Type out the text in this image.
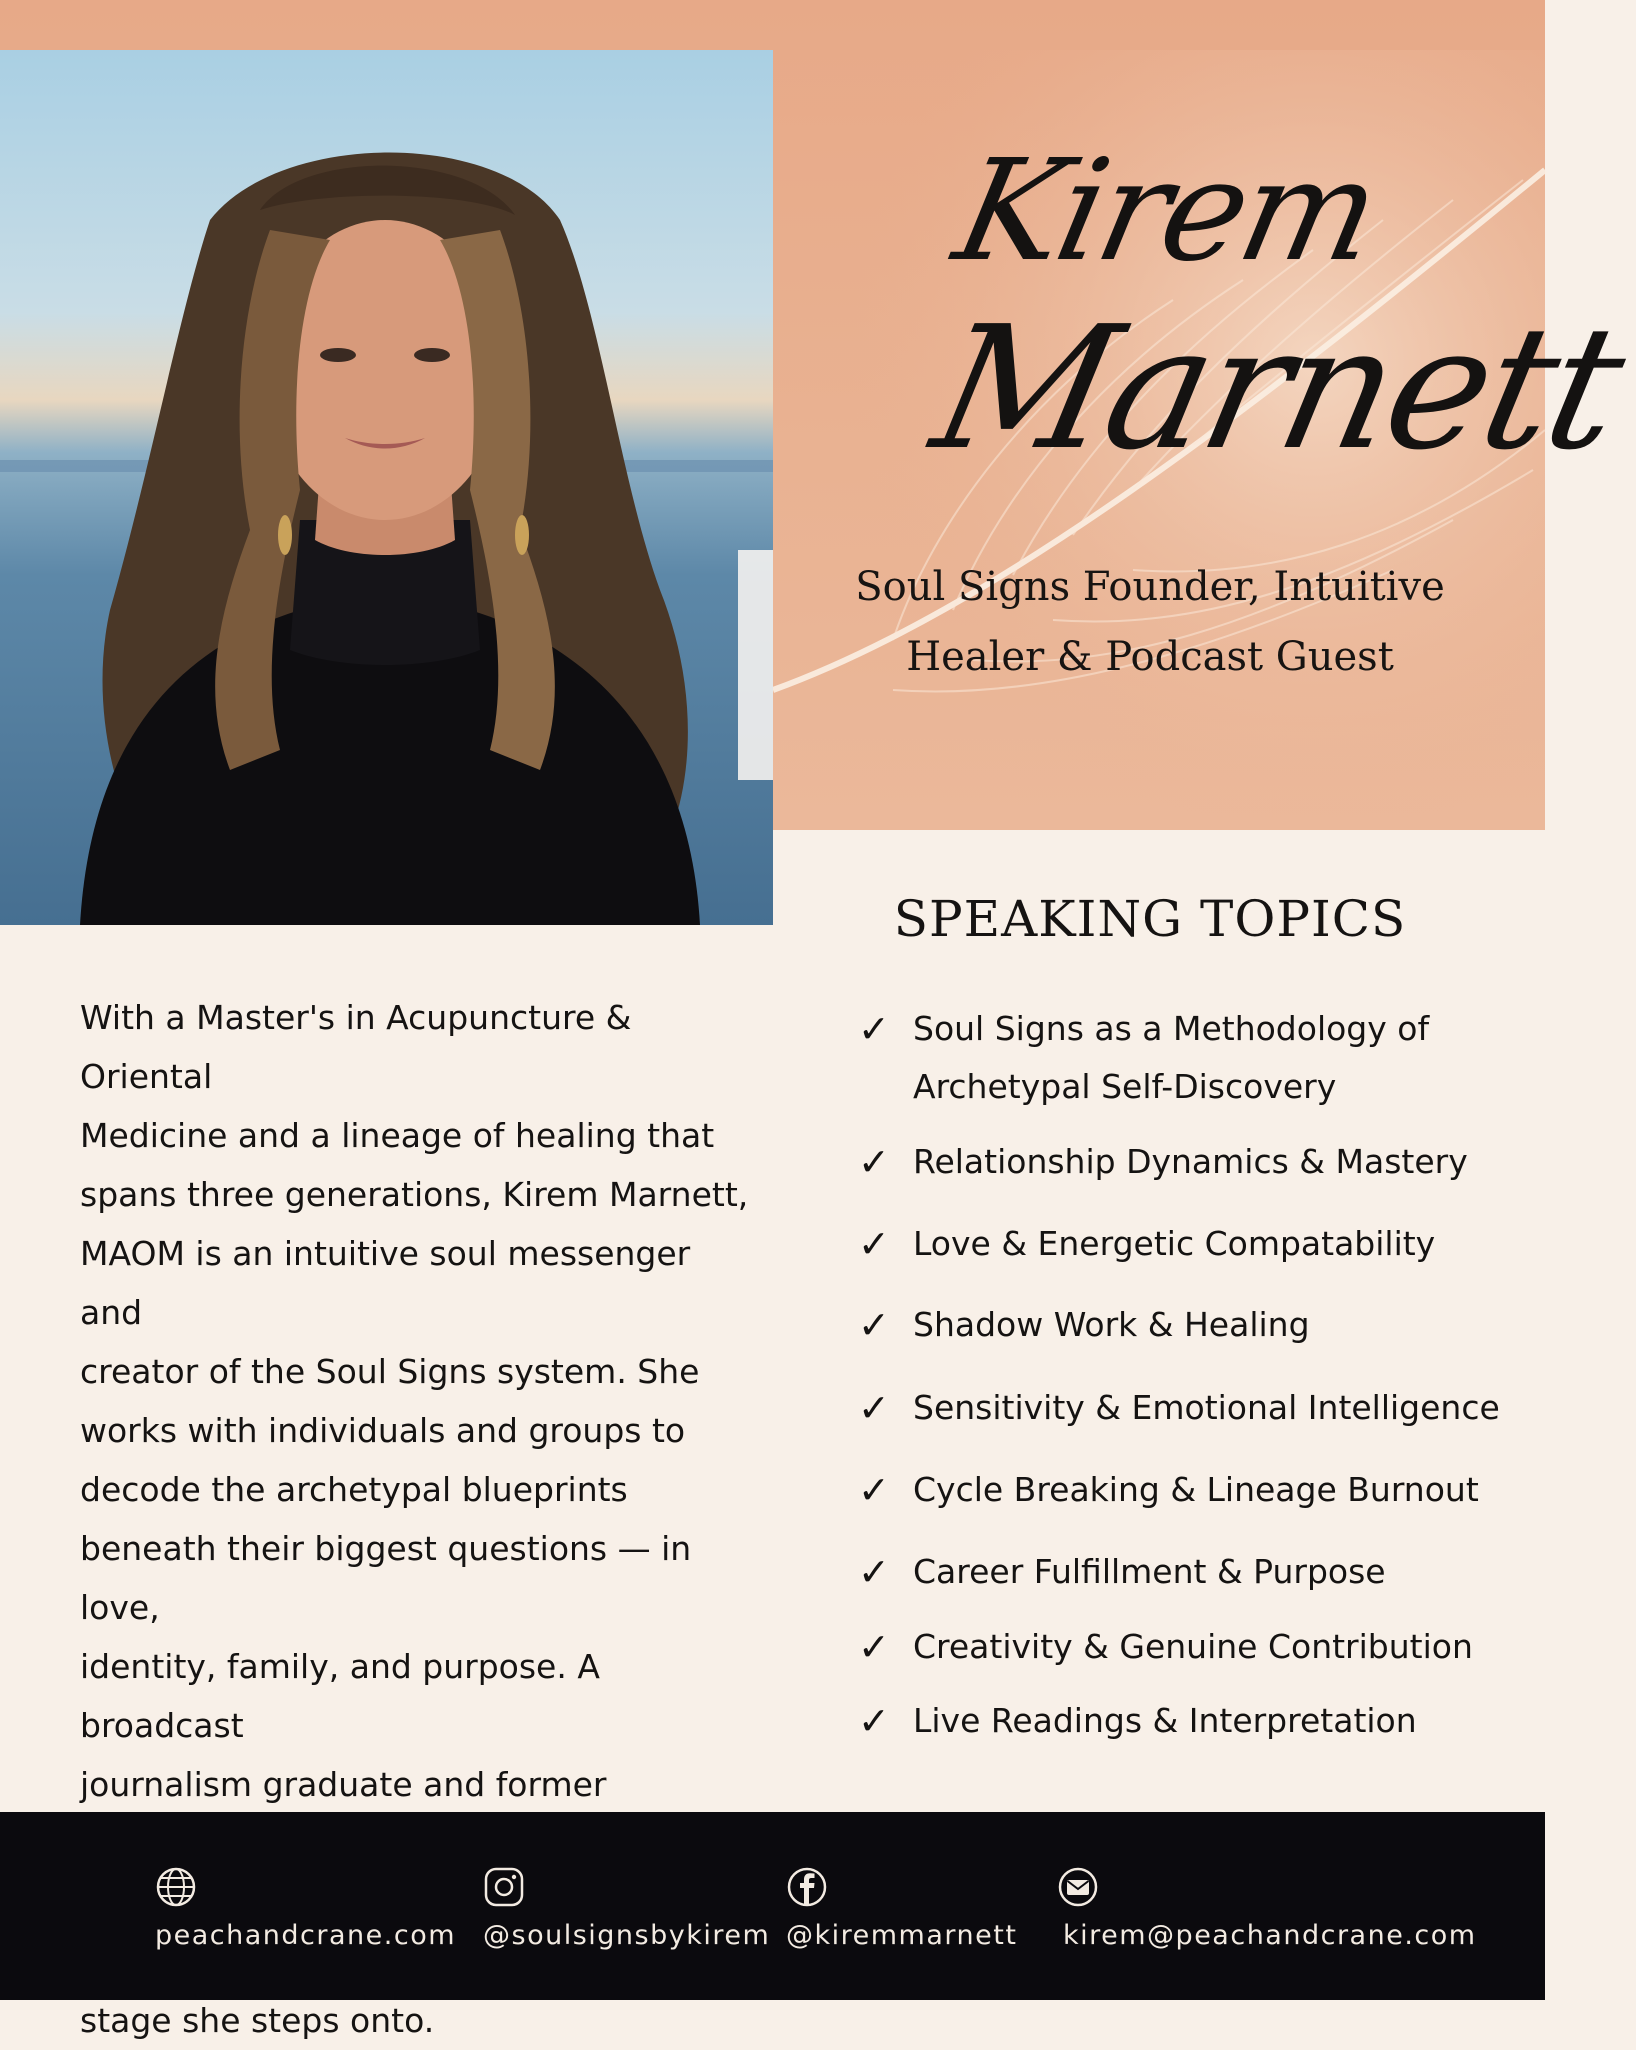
Kirem
Marnett
Soul Signs Founder, Intuitive
Healer & Podcast Guest
With a Master's in Acupuncture & Oriental
Medicine and a lineage of healing that
spans three generations, Kirem Marnett,
MAOM is an intuitive soul messenger and
creator of the Soul Signs system. She
works with individuals and groups to
decode the archetypal blueprints
beneath their biggest questions — in love,
identity, family, and purpose. A broadcast
journalism graduate and former
stage she steps onto.
SPEAKING TOPICS
✓ Soul Signs as a Methodology of Archetypal Self-Discovery
✓ Relationship Dynamics & Mastery
✓ Love & Energetic Compatability
✓ Shadow Work & Healing
✓ Sensitivity & Emotional Intelligence
✓ Cycle Breaking & Lineage Burnout
✓ Career Fulfillment & Purpose
✓ Creativity & Genuine Contribution
✓ Live Readings & Interpretation
peachandcrane.com @soulsignsbykirem @kiremmarnett kirem@peachandcrane.com
